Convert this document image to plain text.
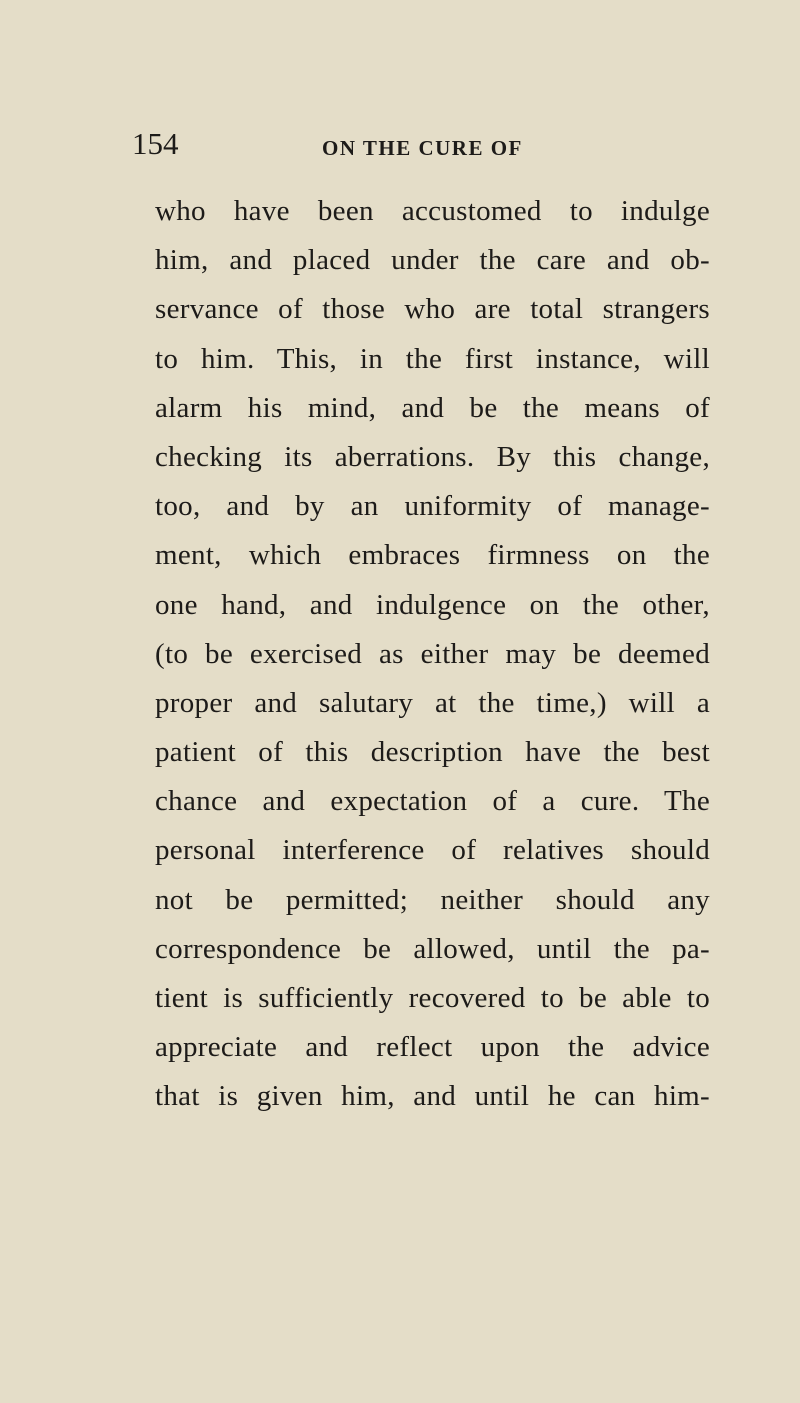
154	ON THE CURE OF
who have been accustomed to indulge
him, and placed under the care and ob-
servance of those who are total strangers
to him. This, in the first instance, will
alarm his mind, and be the means of
checking its aberrations. By this change,
too, and by an uniformity of manage-
ment, which embraces firmness on the
one hand, and indulgence on the other,
(to be exercised as either may be deemed
proper and salutary at the time,) will a
patient of this description have the best
chance and expectation of a cure. The
personal interference of relatives should
not be permitted; neither should any
correspondence be allowed, until the pa-
tient is sufficiently recovered to be able to
appreciate and reflect upon the advice
that is given him, and until he can him-
